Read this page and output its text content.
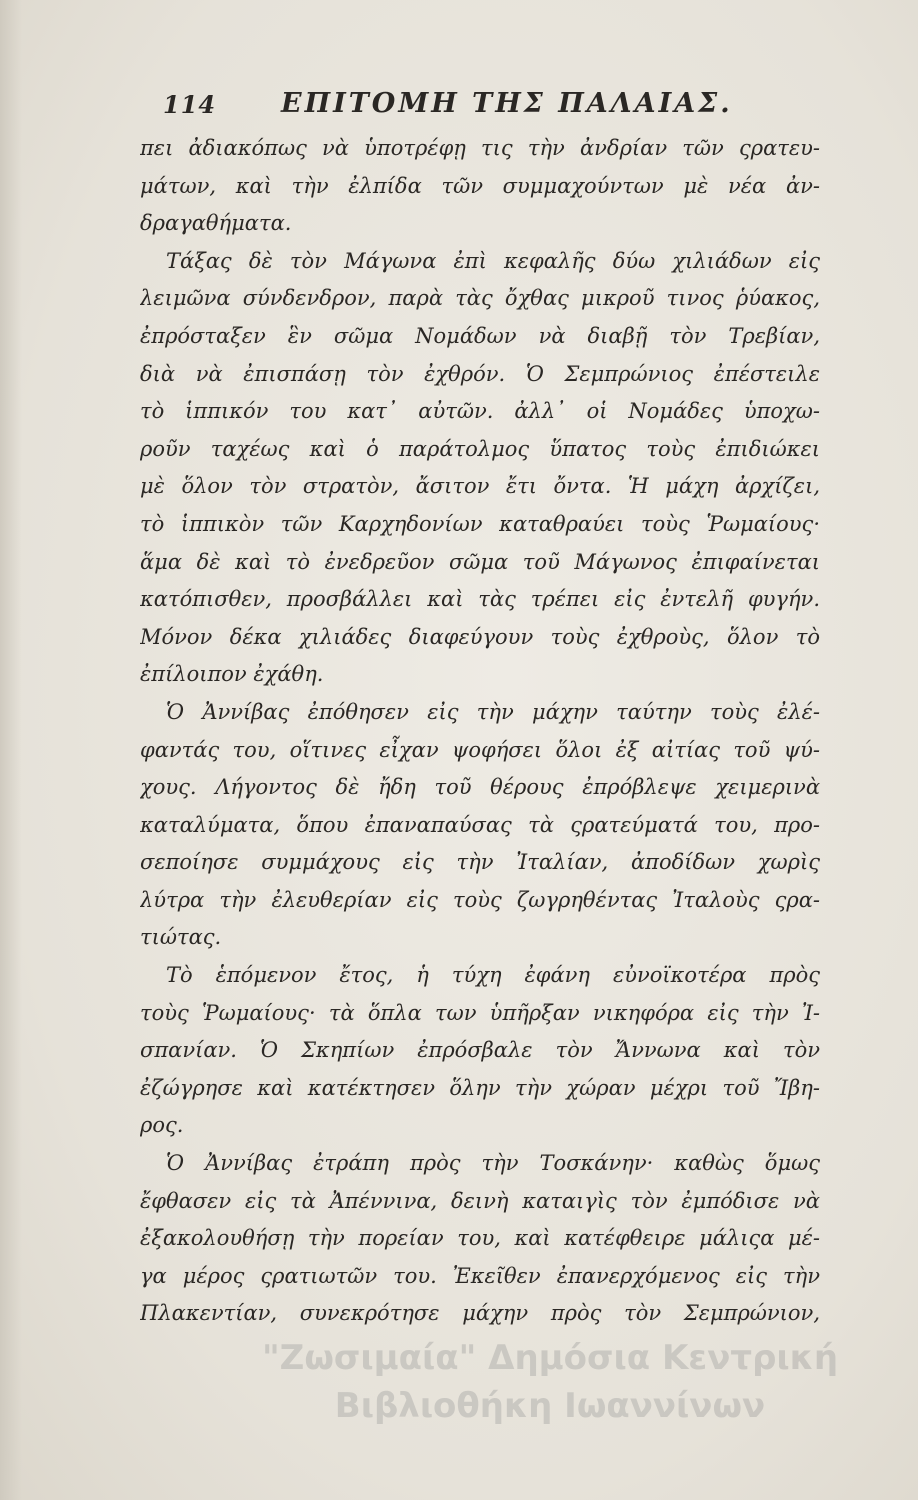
114 ΕΠΙΤΟΜΗ ΤΗΣ ΠΑΛΑΙΑΣ.
πει ἀδιακόπως νὰ ὑποτρέφῃ τις τὴν ἀνδρίαν τῶν ςρατευ-
μάτων, καὶ τὴν ἐλπίδα τῶν συμμαχούντων μὲ νέα ἀν-
δραγαθήματα.
Τάξας δὲ τὸν Μάγωνα ἐπὶ κεφαλῆς δύω χιλιάδων εἰς
λειμῶνα σύνδενδρον, παρὰ τὰς ὄχθας μικροῦ τινος ῥύακος,
ἐπρόσταξεν ἓν σῶμα Νομάδων νὰ διαβῇ τὸν Τρεβίαν,
διὰ νὰ ἐπισπάσῃ τὸν ἐχθρόν. Ὁ Σεμπρώνιος ἐπέστειλε
τὸ ἱππικόν του κατ᾽ αὐτῶν. ἀλλ᾽ οἱ Νομάδες ὑποχω-
ροῦν ταχέως καὶ ὁ παράτολμος ὕπατος τοὺς ἐπιδιώκει
μὲ ὅλον τὸν στρατὸν, ἄσιτον ἔτι ὄντα. Ἡ μάχη ἀρχίζει,
τὸ ἱππικὸν τῶν Καρχηδονίων καταθραύει τοὺς Ῥωμαίους·
ἅμα δὲ καὶ τὸ ἐνεδρεῦον σῶμα τοῦ Μάγωνος ἐπιφαίνεται
κατόπισθεν, προσβάλλει καὶ τὰς τρέπει εἰς ἐντελῆ φυγήν.
Μόνον δέκα χιλιάδες διαφεύγουν τοὺς ἐχθροὺς, ὅλον τὸ
ἐπίλοιπον ἐχάθη.
Ὁ Ἀννίβας ἐπόθησεν εἰς τὴν μάχην ταύτην τοὺς ἐλέ-
φαντάς του, οἵτινες εἶχαν ψοφήσει ὅλοι ἐξ αἰτίας τοῦ ψύ-
χους. Λήγοντος δὲ ἤδη τοῦ θέρους ἐπρόβλεψε χειμερινὰ
καταλύματα, ὅπου ἐπαναπαύσας τὰ ςρατεύματά του, προ-
σεποίησε συμμάχους εἰς τὴν Ἰταλίαν, ἀποδίδων χωρὶς
λύτρα τὴν ἐλευθερίαν εἰς τοὺς ζωγρηθέντας Ἰταλοὺς ςρα-
τιώτας.
Τὸ ἑπόμενον ἔτος, ἡ τύχη ἐφάνη εὐνοϊκοτέρα πρὸς
τοὺς Ῥωμαίους· τὰ ὅπλα των ὑπῆρξαν νικηφόρα εἰς τὴν Ἰ-
σπανίαν. Ὁ Σκηπίων ἐπρόσβαλε τὸν Ἄννωνα καὶ τὸν
ἐζώγρησε καὶ κατέκτησεν ὅλην τὴν χώραν μέχρι τοῦ Ἴβη-
ρος.
Ὁ Ἀννίβας ἐτράπη πρὸς τὴν Τοσκάνην· καθὼς ὅμως
ἔφθασεν εἰς τὰ Ἀπέννινα, δεινὴ καταιγὶς τὸν ἐμπόδισε νὰ
ἐξακολουθήσῃ τὴν πορείαν του, καὶ κατέφθειρε μάλιςα μέ-
γα μέρος ςρατιωτῶν του. Ἐκεῖθεν ἐπανερχόμενος εἰς τὴν
Πλακεντίαν, συνεκρότησε μάχην πρὸς τὸν Σεμπρώνιον,
"Ζωσιμαία" Δημόσια Κεντρική
Βιβλιοθήκη Ιωαννίνων
